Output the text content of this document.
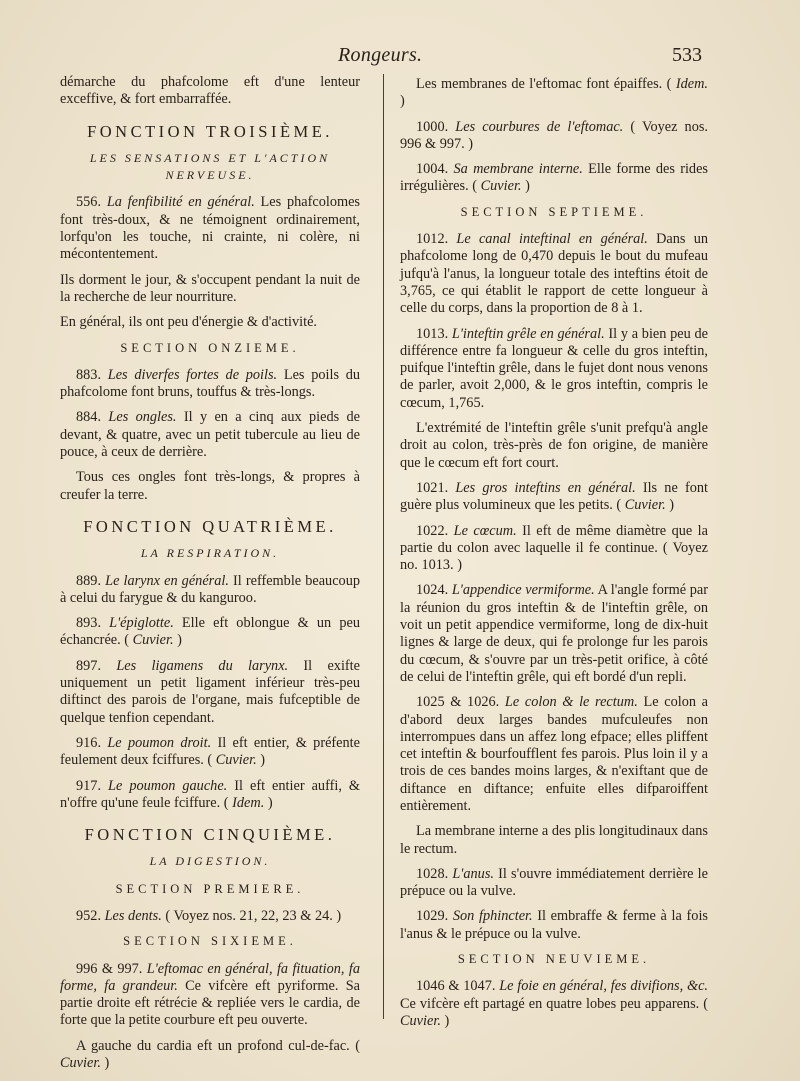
Rongeurs.	533

démarche du phafcolome eft d'une lenteur exceffive, & fort embarraffée.

FONCTION TROISIÈME.
LES SENSATIONS ET L'ACTION NERVEUSE.

556. La fenfibilité en général. Les phafcolomes font très-doux, & ne témoignent ordinairement, lorfqu'on les touche, ni crainte, ni colère, ni mécontentement.

Ils dorment le jour, & s'occupent pendant la nuit de la recherche de leur nourriture.

En général, ils ont peu d'énergie & d'activité.

SECTION ONZIEME.

883. Les diverfes fortes de poils. Les poils du phafcolome font bruns, touffus & très-longs.

884. Les ongles. Il y en a cinq aux pieds de devant, & quatre, avec un petit tubercule au lieu de pouce, à ceux de derrière.

Tous ces ongles font très-longs, & propres à creufer la terre.

FONCTION QUATRIÈME.
LA RESPIRATION.

889. Le larynx en général. Il reffemble beaucoup à celui du farygue & du kanguroo.

893. L'épiglotte. Elle eft oblongue & un peu échancrée. ( Cuvier. )

897. Les ligamens du larynx. Il exifte uniquement un petit ligament inférieur très-peu diftinct des parois de l'organe, mais fufceptible de quelque tenfion cependant.

916. Le poumon droit. Il eft entier, & préfente feulement deux fciffures. ( Cuvier. )

917. Le poumon gauche. Il eft entier auffi, & n'offre qu'une feule fciffure. ( Idem. )

FONCTION CINQUIÈME.
LA DIGESTION.
SECTION PREMIERE.

952. Les dents. ( Voyez nos. 21, 22, 23 & 24. )

SECTION SIXIEME.

996 & 997. L'eftomac en général, fa fituation, fa forme, fa grandeur. Ce vifcère eft pyriforme. Sa partie droite eft rétrécie & repliée vers le cardia, de forte que la petite courbure eft peu ouverte.

A gauche du cardia eft un profond cul-de-fac. ( Cuvier. )

Les membranes de l'eftomac font épaiffes. ( Idem. )

1000. Les courbures de l'eftomac. ( Voyez nos. 996 & 997. )

1004. Sa membrane interne. Elle forme des rides irrégulières. ( Cuvier. )

SECTION SEPTIEME.

1012. Le canal inteftinal en général. Dans un phafcolome long de 0,470 depuis le bout du mufeau jufqu'à l'anus, la longueur totale des inteftins étoit de 3,765, ce qui établit le rapport de cette longueur à celle du corps, dans la proportion de 8 à 1.

1013. L'inteftin grêle en général. Il y a bien peu de différence entre fa longueur & celle du gros inteftin, puifque l'inteftin grêle, dans le fujet dont nous venons de parler, avoit 2,000, & le gros inteftin, compris le cœcum, 1,765.

L'extrémité de l'inteftin grêle s'unit prefqu'à angle droit au colon, très-près de fon origine, de manière que le cœcum eft fort court.

1021. Les gros inteftins en général. Ils ne font guère plus volumineux que les petits. ( Cuvier. )

1022. Le cœcum. Il eft de même diamètre que la partie du colon avec laquelle il fe continue. ( Voyez no. 1013. )

1024. L'appendice vermiforme. A l'angle formé par la réunion du gros inteftin & de l'inteftin grêle, on voit un petit appendice vermiforme, long de dix-huit lignes & large de deux, qui fe prolonge fur les parois du cœcum, & s'ouvre par un très-petit orifice, à côté de celui de l'inteftin grêle, qui eft bordé d'un repli.

1025 & 1026. Le colon & le rectum. Le colon a d'abord deux larges bandes mufculeufes non interrompues dans un affez long efpace; elles pliffent cet inteftin & bourfoufflent fes parois. Plus loin il y a trois de ces bandes moins larges, & n'exiftant que de diftance en diftance; enfuite elles difparoiffent entièrement.

La membrane interne a des plis longitudinaux dans le rectum.

1028. L'anus. Il s'ouvre immédiatement derrière le prépuce ou la vulve.

1029. Son fphincter. Il embraffe & ferme à la fois l'anus & le prépuce ou la vulve.

SECTION NEUVIEME.

1046 & 1047. Le foie en général, fes divifions, &c. Ce vifcère eft partagé en quatre lobes peu apparens. ( Cuvier. )
